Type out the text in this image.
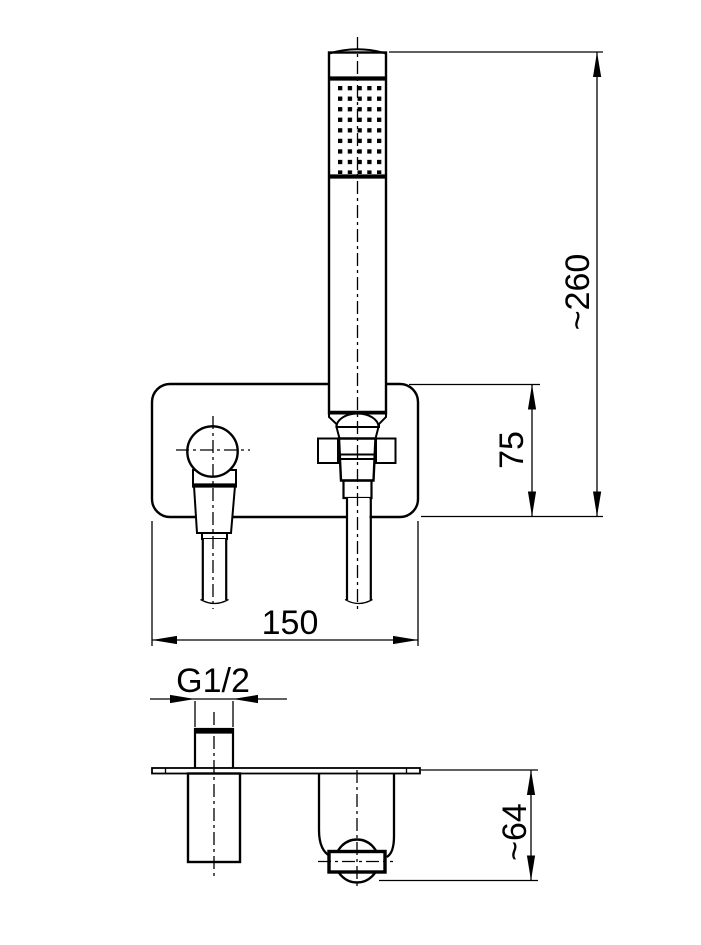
~260
75
150
G1/2
~64
